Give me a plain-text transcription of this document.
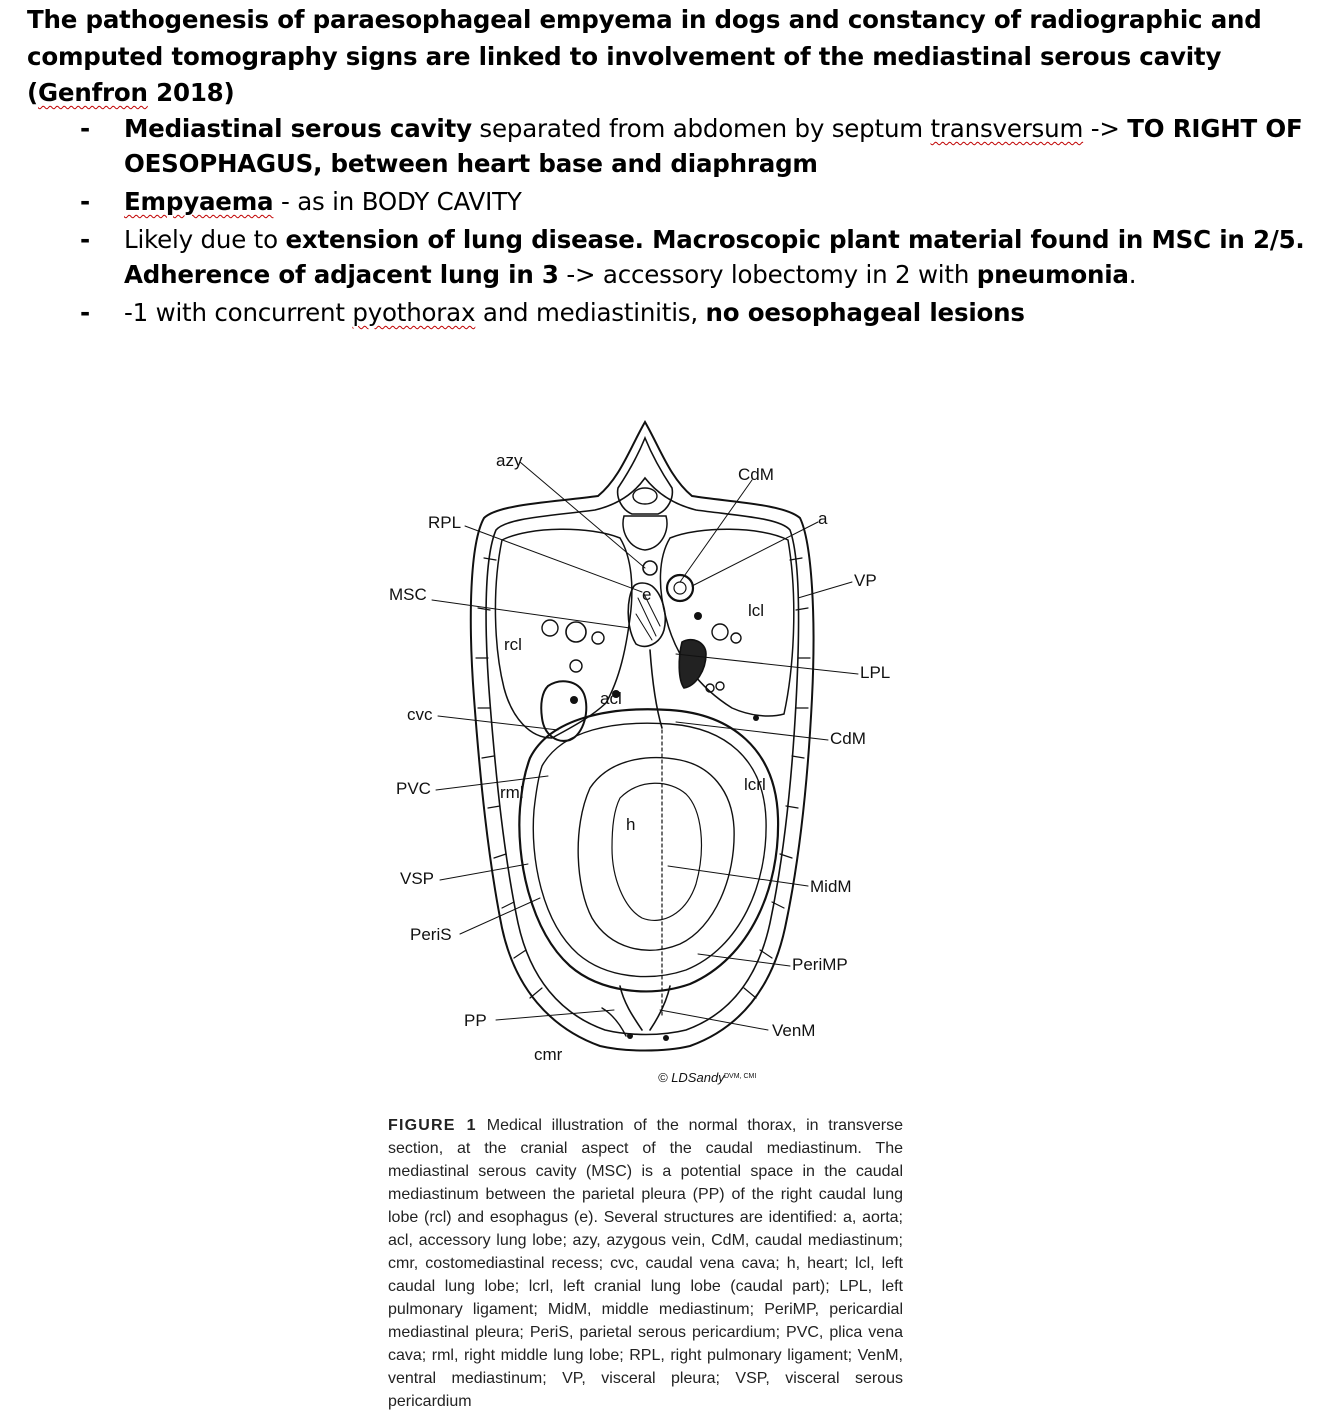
The pathogenesis of paraesophageal empyema in dogs and constancy of radiographic and computed tomography signs are linked to involvement of the mediastinal serous cavity (Genfron 2018)
- Mediastinal serous cavity separated from abdomen by septum transversum -> TO RIGHT OF OESOPHAGUS, between heart base and diaphragm
- Empyaema - as in BODY CAVITY
- Likely due to extension of lung disease. Macroscopic plant material found in MSC in 2/5. Adherence of adjacent lung in 3 -> accessory lobectomy in 2 with pneumonia.
- -1 with concurrent pyothorax and mediastinitis, no oesophageal lesions
azy
CdM
a
RPL
VP
MSC	e
lcl
rcl
LPL
acl
cvc
CdM
PVC	rml	lcrl
h
VSP	MidM
PeriS
PeriMP
PP
VenM
cmr
© LDSandy DVM, CMI
FIGURE 1 Medical illustration of the normal thorax, in transverse section, at the cranial aspect of the caudal mediastinum. The mediastinal serous cavity (MSC) is a potential space in the caudal mediastinum between the parietal pleura (PP) of the right caudal lung lobe (rcl) and esophagus (e). Several structures are identified: a, aorta; acl, accessory lung lobe; azy, azygous vein, CdM, caudal mediastinum; cmr, costomediastinal recess; cvc, caudal vena cava; h, heart; lcl, left caudal lung lobe; lcrl, left cranial lung lobe (caudal part); LPL, left pulmonary ligament; MidM, middle mediastinum; PeriMP, pericardial mediastinal pleura; PeriS, parietal serous pericardium; PVC, plica vena cava; rml, right middle lung lobe; RPL, right pulmonary ligament; VenM, ventral mediastinum; VP, visceral pleura; VSP, visceral serous pericardium
